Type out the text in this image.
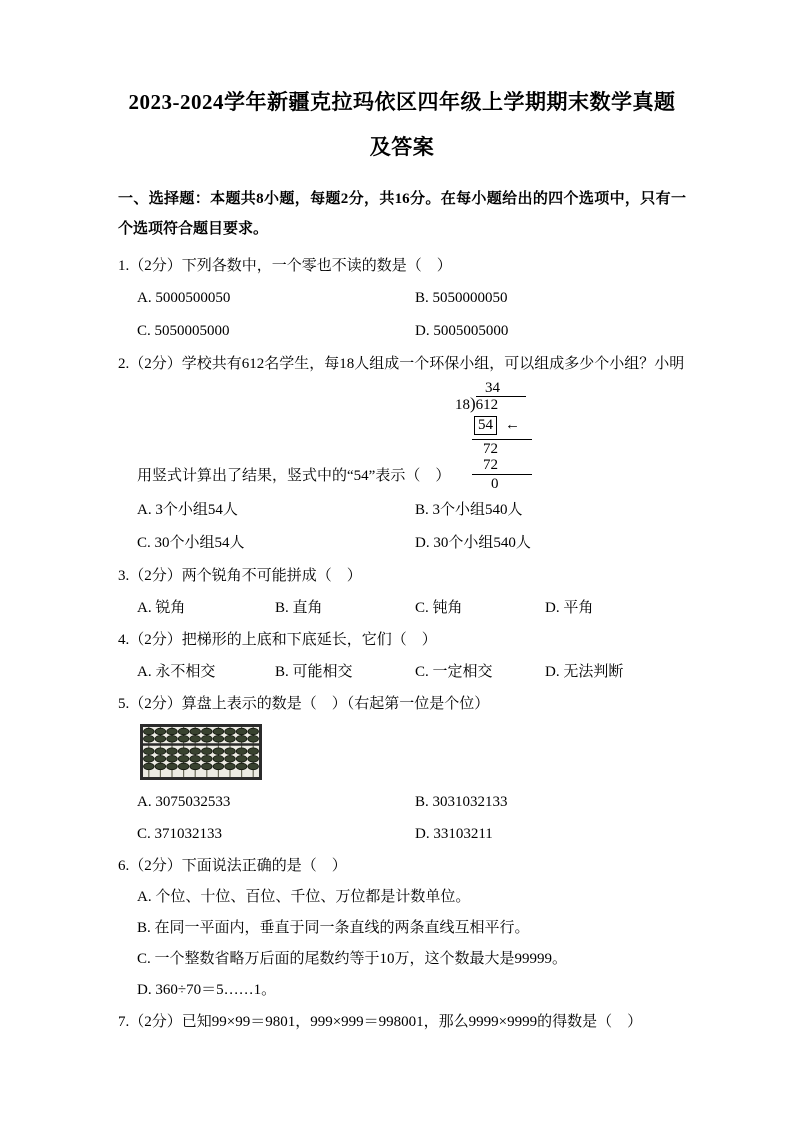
2023-2024学年新疆克拉玛依区四年级上学期期末数学真题
及答案

一、选择题：本题共8小题，每题2分，共16分。在每小题给出的四个选项中，只有一个选项符合题目要求。

1.（2分）下列各数中，一个零也不读的数是（　）

A. 5000500050	B. 5050000050
C. 5050005000	D. 5005005000

2.（2分）学校共有612名学生，每18人组成一个环保小组，可以组成多少个小组？小明

34
18)612
54 ←
72
72
0

用竖式计算出了结果，竖式中的“54”表示（　）

A. 3个小组54人	B. 3个小组540人
C. 30个小组54人	D. 30个小组540人

3.（2分）两个锐角不可能拼成（　）

A. 锐角	B. 直角	C. 钝角	D. 平角

4.（2分）把梯形的上底和下底延长，它们（　）

A. 永不相交	B. 可能相交	C. 一定相交	D. 无法判断

5.（2分）算盘上表示的数是（　）（右起第一位是个位）

A. 3075032533	B. 3031032133
C. 371032133	D. 33103211

6.（2分）下面说法正确的是（　）

A. 个位、十位、百位、千位、万位都是计数单位。
B. 在同一平面内，垂直于同一条直线的两条直线互相平行。
C. 一个整数省略万后面的尾数约等于10万，这个数最大是99999。
D. 360÷70＝5……1。

7.（2分）已知99×99＝9801，999×999＝998001，那么9999×9999的得数是（　）
